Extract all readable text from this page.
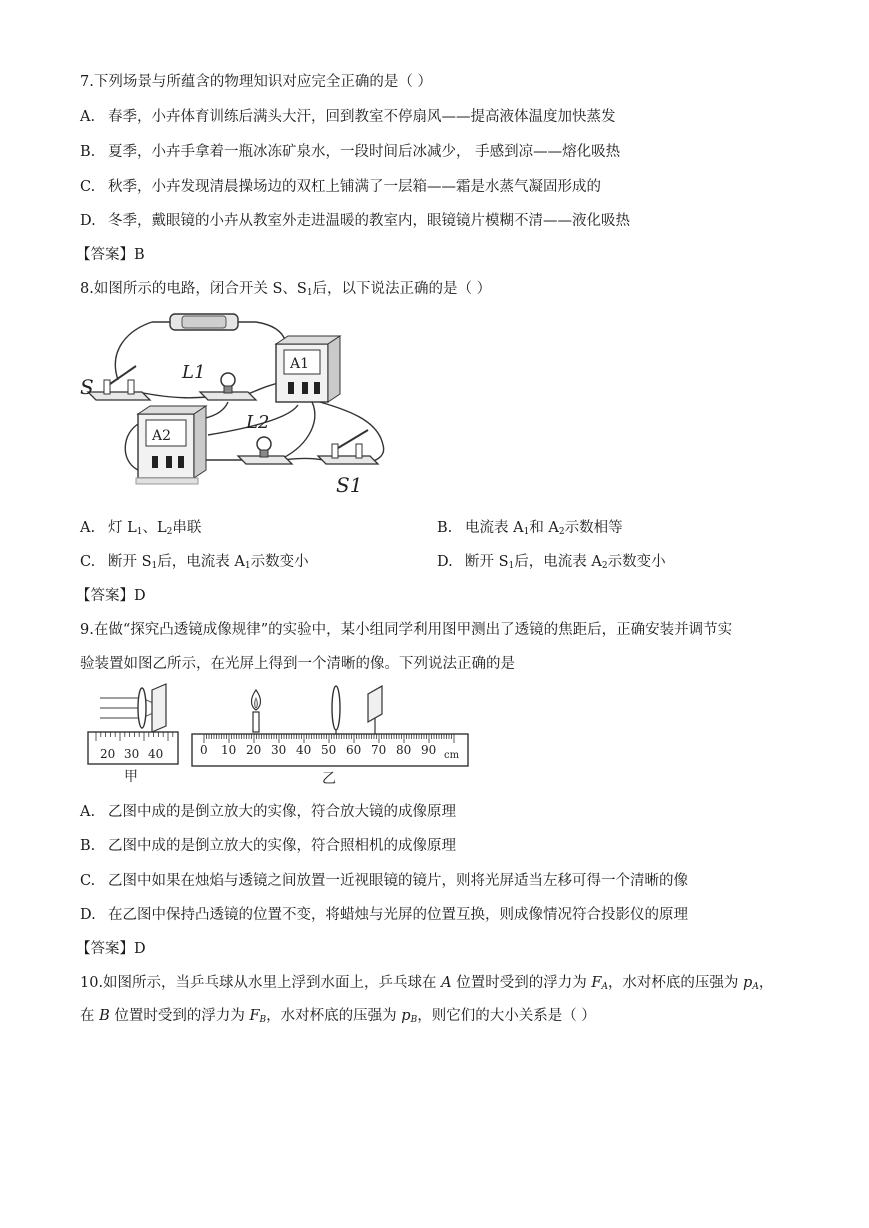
7.下列场景与所蕴含的物理知识对应完全正确的是（ ）
A. 春季，小卉体育训练后满头大汗，回到教室不停扇风——提高液体温度加快蒸发
B. 夏季，小卉手拿着一瓶冰冻矿泉水，一段时间后冰减少， 手感到凉——熔化吸热
C. 秋季，小卉发现清晨操场边的双杠上铺满了一层箱——霜是水蒸气凝固形成的
D. 冬季，戴眼镜的小卉从教室外走进温暖的教室内，眼镜镜片模糊不清——液化吸热
【答案】B
8.如图所示的电路，闭合开关 S、$S_1$后，以下说法正确的是（ ）
S
L1	A1
A2
L2
S1
A. 灯 $L_1$、$L_2$串联	B. 电流表 $A_1$和 $A_2$示数相等
C. 断开 $S_1$后，电流表 $A_1$示数变小	D. 断开 $S_1$后，电流表 $A_2$示数变小
【答案】D
9.在做“探究凸透镜成像规律”的实验中，某小组同学利用图甲测出了透镜的焦距后，正确安装并调节实
验装置如图乙所示，在光屏上得到一个清晰的像。下列说法正确的是
20 30 40
甲
0 10 20 30 40 50 60 70 80 90 cm
乙
A. 乙图中成的是倒立放大的实像，符合放大镜的成像原理
B. 乙图中成的是倒立放大的实像，符合照相机的成像原理
C. 乙图中如果在烛焰与透镜之间放置一近视眼镜的镜片，则将光屏适当左移可得一个清晰的像
D. 在乙图中保持凸透镜的位置不变，将蜡烛与光屏的位置互换，则成像情况符合投影仪的原理
【答案】D
10.如图所示，当乒乓球从水里上浮到水面上，乒乓球在 A 位置时受到的浮力为 $F_A$，水对杯底的压强为 $p_A$，
在 B 位置时受到的浮力为 $F_B$，水对杯底的压强为 $p_B$，则它们的大小关系是（ ）
